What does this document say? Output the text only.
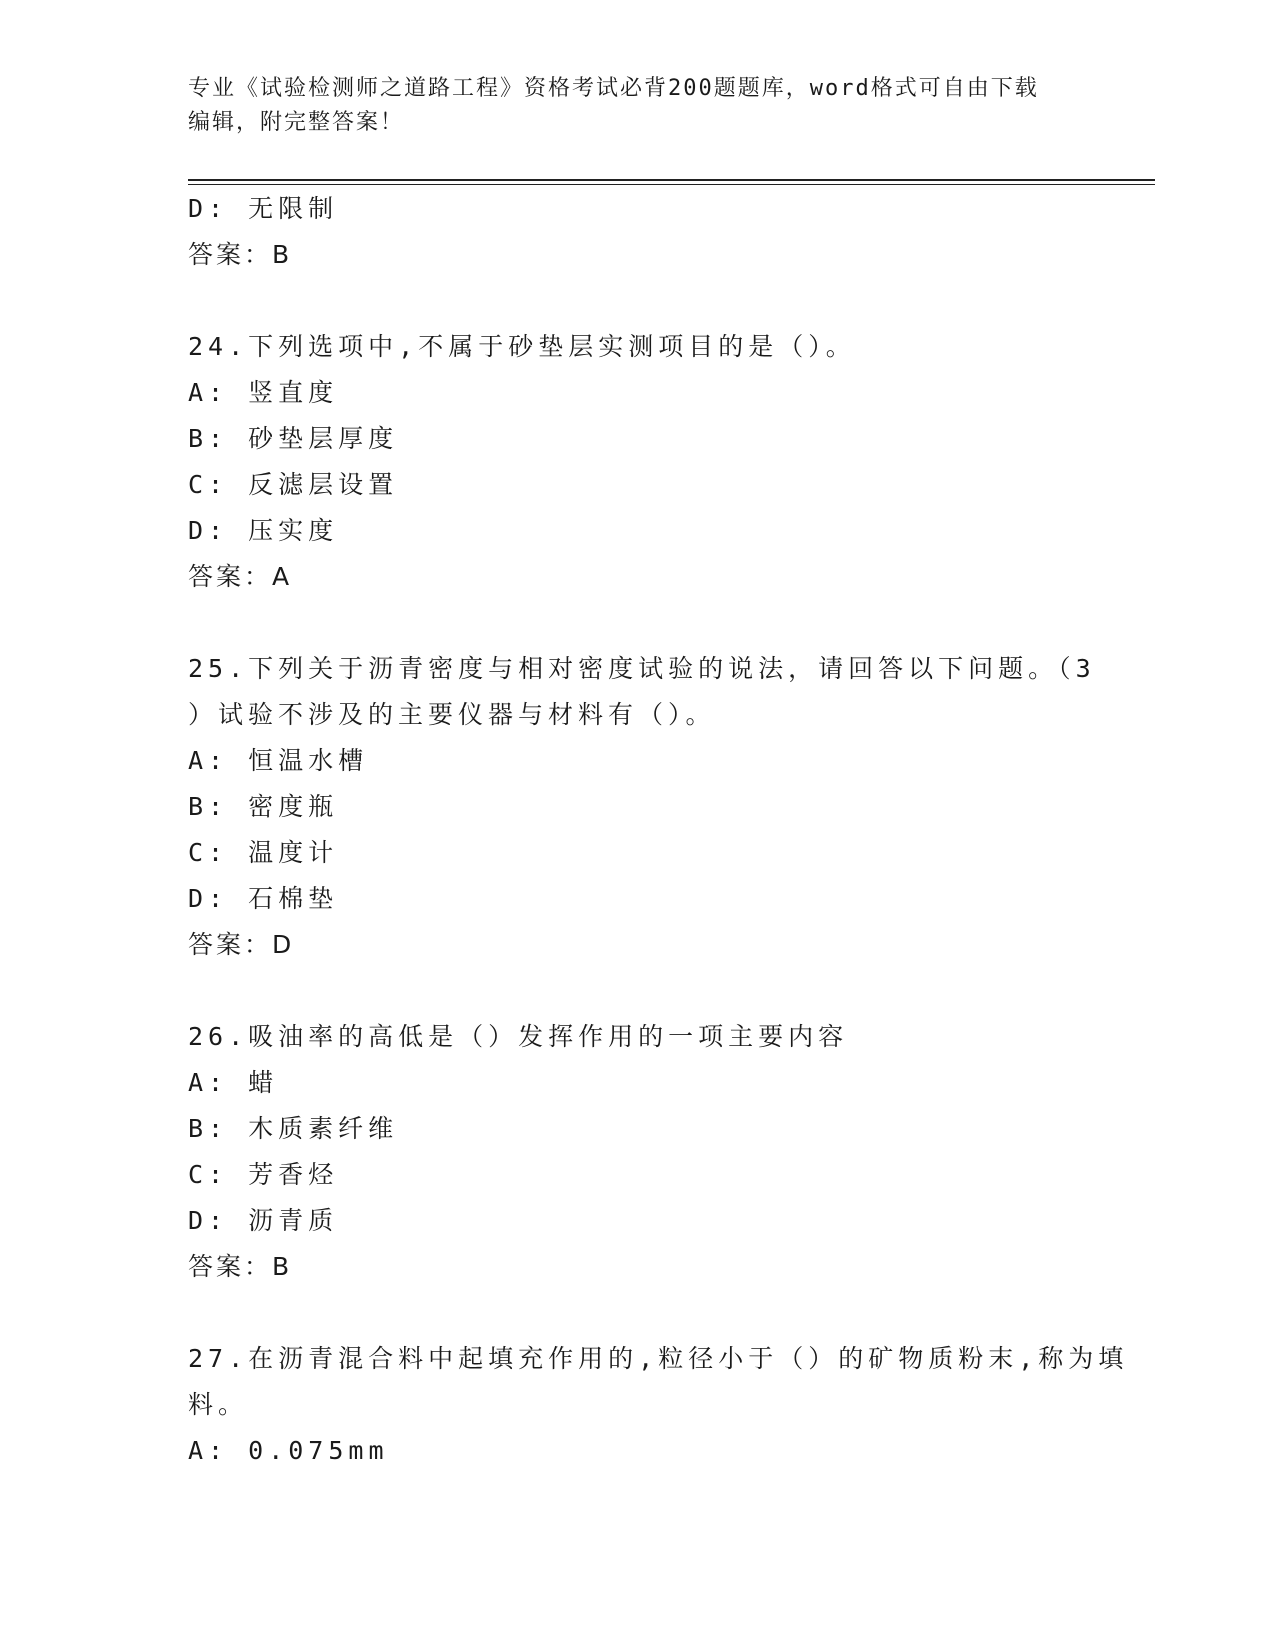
专业《试验检测师之道路工程》资格考试必背200题题库，word格式可自由下载
编辑，附完整答案！
D: 无限制
答案：B
24.下列选项中,不属于砂垫层实测项目的是（）。
A: 竖直度
B: 砂垫层厚度
C: 反滤层设置
D: 压实度
答案：A
25.下列关于沥青密度与相对密度试验的说法，请回答以下问题。（3
）试验不涉及的主要仪器与材料有（）。
A: 恒温水槽
B: 密度瓶
C: 温度计
D: 石棉垫
答案：D
26.吸油率的高低是（）发挥作用的一项主要内容
A: 蜡
B: 木质素纤维
C: 芳香烃
D: 沥青质
答案：B
27.在沥青混合料中起填充作用的,粒径小于（）的矿物质粉末,称为填
料。
A: 0.075mm
